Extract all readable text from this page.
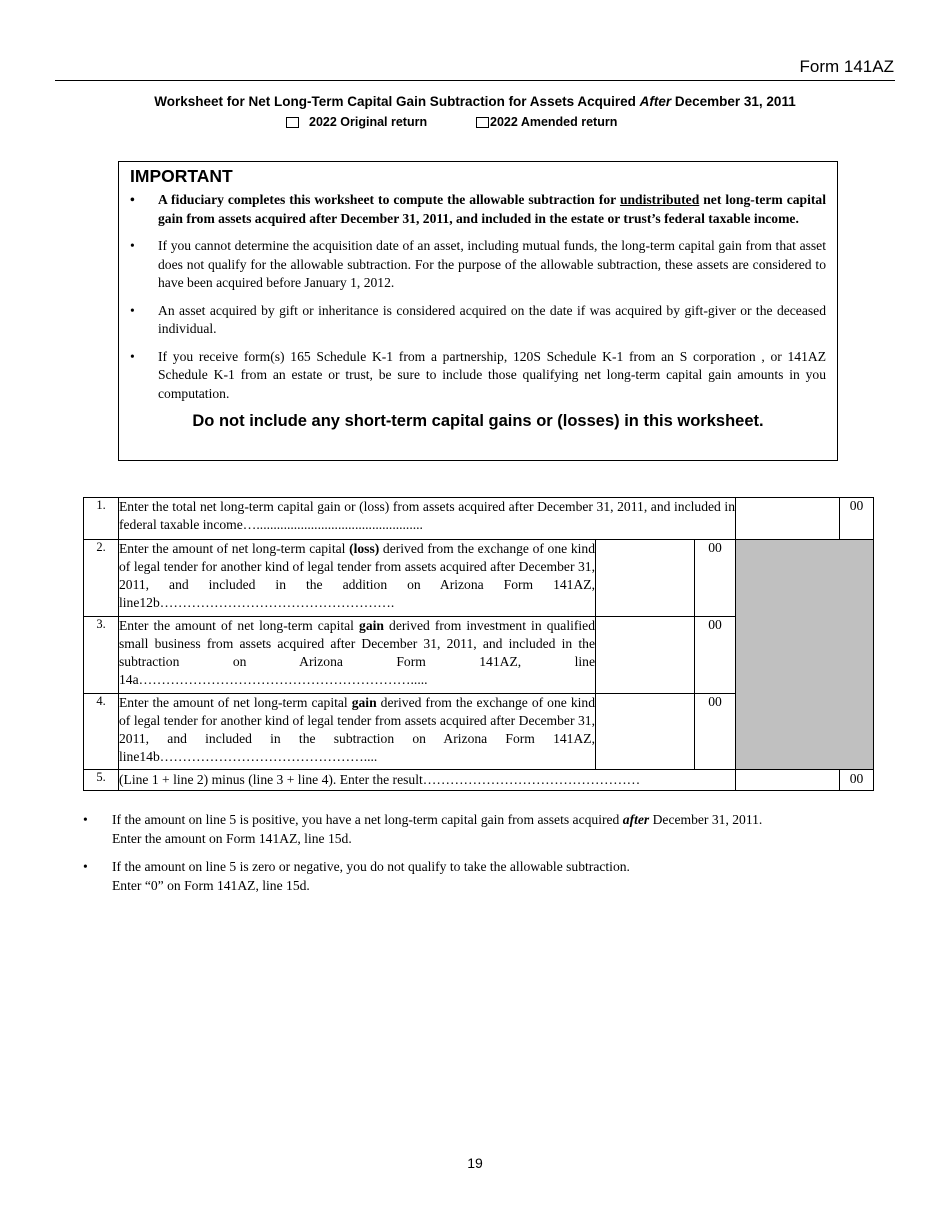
Form 141AZ
Worksheet for Net Long-Term Capital Gain Subtraction for Assets Acquired After December 31, 2011
2022 Original return	2022 Amended return
IMPORTANT
• A fiduciary completes this worksheet to compute the allowable subtraction for undistributed net long-term capital gain from assets acquired after December 31, 2011, and included in the estate or trust’s federal taxable income.
• If you cannot determine the acquisition date of an asset, including mutual funds, the long-term capital gain from that asset does not qualify for the allowable subtraction. For the purpose of the allowable subtraction, these assets are considered to have been acquired before January 1, 2012.
• An asset acquired by gift or inheritance is considered acquired on the date if was acquired by gift-giver or the deceased individual.
• If you receive form(s) 165 Schedule K-1 from a partnership, 120S Schedule K-1 from an S corporation , or 141AZ Schedule K-1 from an estate or trust, be sure to include those qualifying net long-term capital gain amounts in you computation.
Do not include any short-term capital gains or (losses) in this worksheet.
1.	Enter the total net long-term capital gain or (loss) from assets acquired after December 31, 2011, and included in federal taxable income….................................................				00
2.	Enter the amount of net long-term capital (loss) derived from the exchange of one kind of legal tender for another kind of legal tender from assets acquired after December 31, 2011, and included in the addition on Arizona Form 141AZ, line12b…………………………………………….		00		
3.	Enter the amount of net long-term capital gain derived from investment in qualified small business from assets acquired after December 31, 2011, and included in the subtraction on Arizona Form 141AZ, line 14a…………………………………………………….....		00		
4.	Enter the amount of net long-term capital gain derived from the exchange of one kind of legal tender for another kind of legal tender from assets acquired after December 31, 2011, and included in the subtraction on Arizona Form 141AZ, line14b………………………………………....		00		
5.	(Line 1 + line 2) minus (line 3 + line 4). Enter the result…………………………………………				00
• If the amount on line 5 is positive, you have a net long-term capital gain from assets acquired after December 31, 2011.
Enter the amount on Form 141AZ, line 15d.
• If the amount on line 5 is zero or negative, you do not qualify to take the allowable subtraction.
Enter “0” on Form 141AZ, line 15d.
19
